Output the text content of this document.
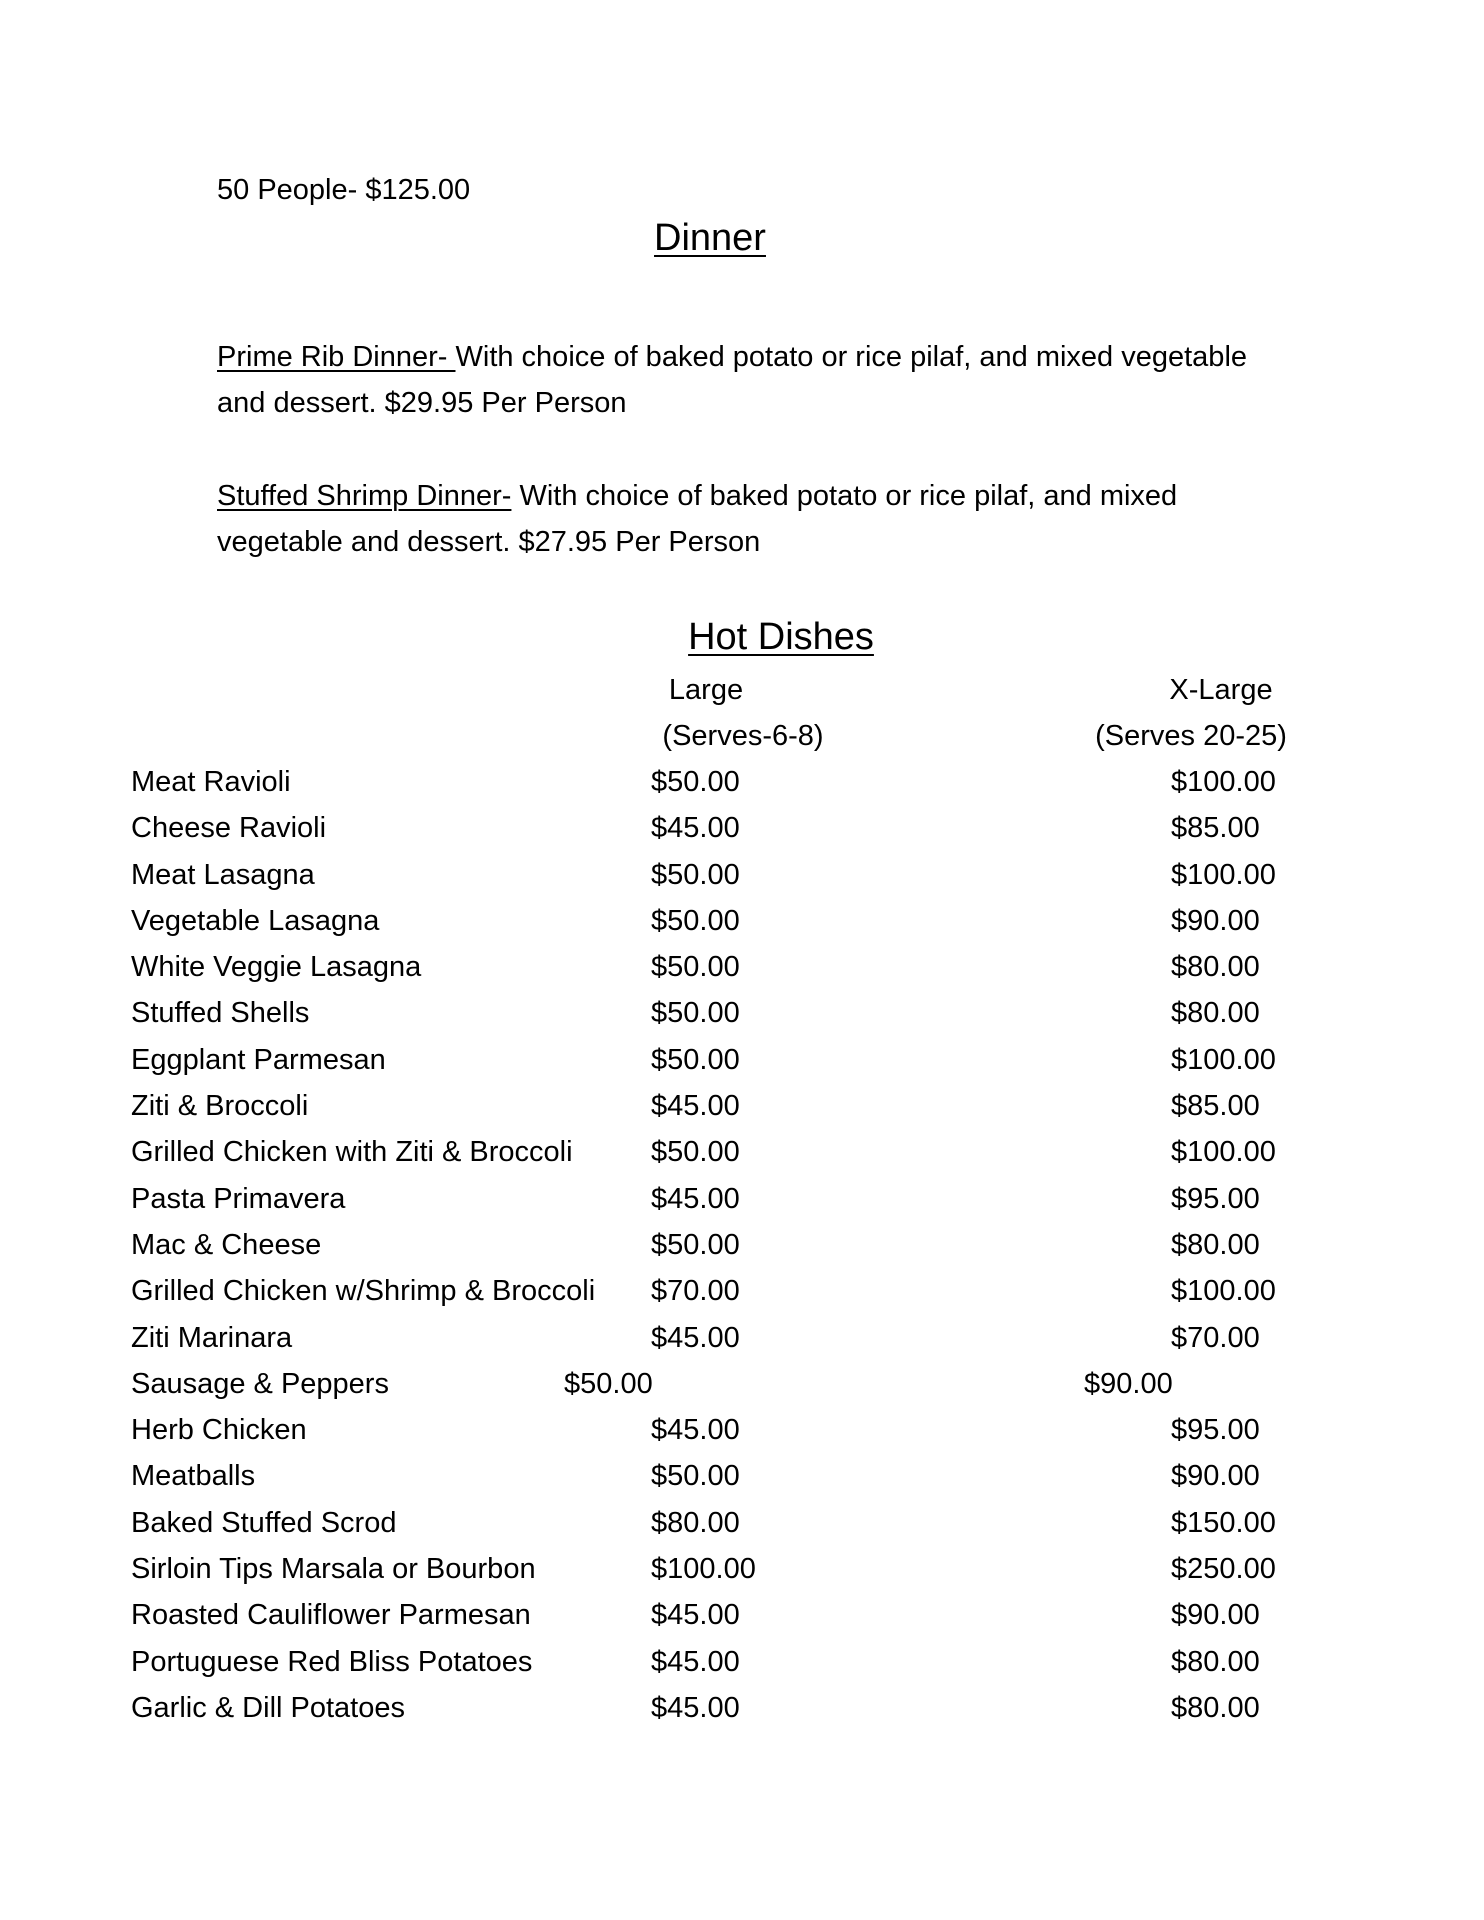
50 People- $125.00
Dinner
Prime Rib Dinner- With choice of baked potato or rice pilaf, and mixed vegetable
and dessert. $29.95 Per Person
Stuffed Shrimp Dinner- With choice of baked potato or rice pilaf, and mixed
vegetable and dessert. $27.95 Per Person
Hot Dishes
Large
(Serves-6-8)
X-Large
(Serves 20-25)
Meat Ravioli	$50.00	$100.00
Cheese Ravioli	$45.00	$85.00
Meat Lasagna	$50.00	$100.00
Vegetable Lasagna	$50.00	$90.00
White Veggie Lasagna	$50.00	$80.00
Stuffed Shells	$50.00	$80.00
Eggplant Parmesan	$50.00	$100.00
Ziti & Broccoli	$45.00	$85.00
Grilled Chicken with Ziti & Broccoli	$50.00	$100.00
Pasta Primavera	$45.00	$95.00
Mac & Cheese	$50.00	$80.00
Grilled Chicken w/Shrimp & Broccoli $70.00	$100.00
Ziti Marinara	$45.00	$70.00
Sausage & Peppers	$50.00	$90.00
Herb Chicken	$45.00	$95.00
Meatballs	$50.00	$90.00
Baked Stuffed Scrod	$80.00	$150.00
Sirloin Tips Marsala or Bourbon	$100.00	$250.00
Roasted Cauliflower Parmesan	$45.00	$90.00
Portuguese Red Bliss Potatoes	$45.00	$80.00
Garlic & Dill Potatoes	$45.00	$80.00
